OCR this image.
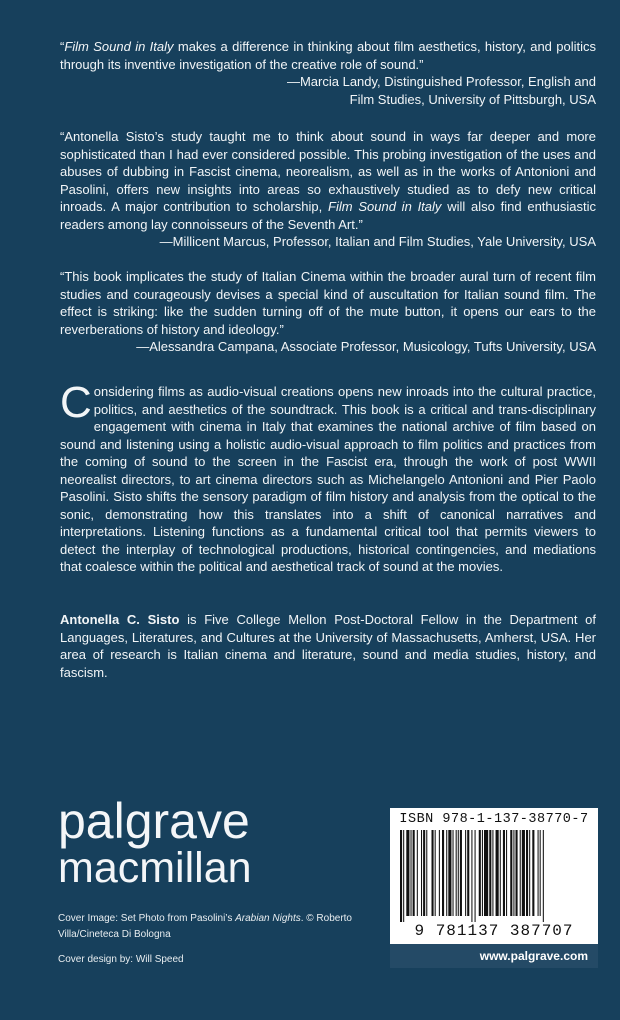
“Film Sound in Italy makes a difference in thinking about film aesthetics, history, and politics through its inventive investigation of the creative role of sound.”

—Marcia Landy, Distinguished Professor, English and
Film Studies, University of Pittsburgh, USA

“Antonella Sisto’s study taught me to think about sound in ways far deeper and more sophisticated than I had ever considered possible. This probing investigation of the uses and abuses of dubbing in Fascist cinema, neorealism, as well as in the works of Antonioni and Pasolini, offers new insights into areas so exhaustively studied as to defy new critical inroads. A major contribution to scholarship, Film Sound in Italy will also find enthusiastic readers among lay connoisseurs of the Seventh Art.”

—Millicent Marcus, Professor, Italian and Film Studies, Yale University, USA

“This book implicates the study of Italian Cinema within the broader aural turn of recent film studies and courageously devises a special kind of auscultation for Italian sound film. The effect is striking: like the sudden turning off of the mute button, it opens our ears to the reverberations of history and ideology.”

—Alessandra Campana, Associate Professor, Musicology, Tufts University, USA
Considering films as audio-visual creations opens new inroads into the cultural practice, politics, and aesthetics of the soundtrack. This book is a critical and trans-disciplinary engagement with cinema in Italy that examines the national archive of film based on sound and listening using a holistic audio-visual approach to film politics and practices from the coming of sound to the screen in the Fascist era, through the work of post WWII neorealist directors, to art cinema directors such as Michelangelo Antonioni and Pier Paolo Pasolini. Sisto shifts the sensory paradigm of film history and analysis from the optical to the sonic, demonstrating how this translates into a shift of canonical narratives and interpretations. Listening functions as a fundamental critical tool that permits viewers to detect the interplay of technological productions, historical contingencies, and mediations that coalesce within the political and aesthetical track of sound at the movies.
Antonella C. Sisto is Five College Mellon Post-Doctoral Fellow in the Department of Languages, Literatures, and Cultures at the University of Massachusetts, Amherst, USA. Her area of research is Italian cinema and literature, sound and media studies, history, and fascism.
palgrave
macmillan
Cover Image: Set Photo from Pasolini’s Arabian Nights. © Roberto Villa/Cineteca Di Bologna
Cover design by: Will Speed
ISBN 978-1-137-38770-7
9 781137 387707
www.palgrave.com
